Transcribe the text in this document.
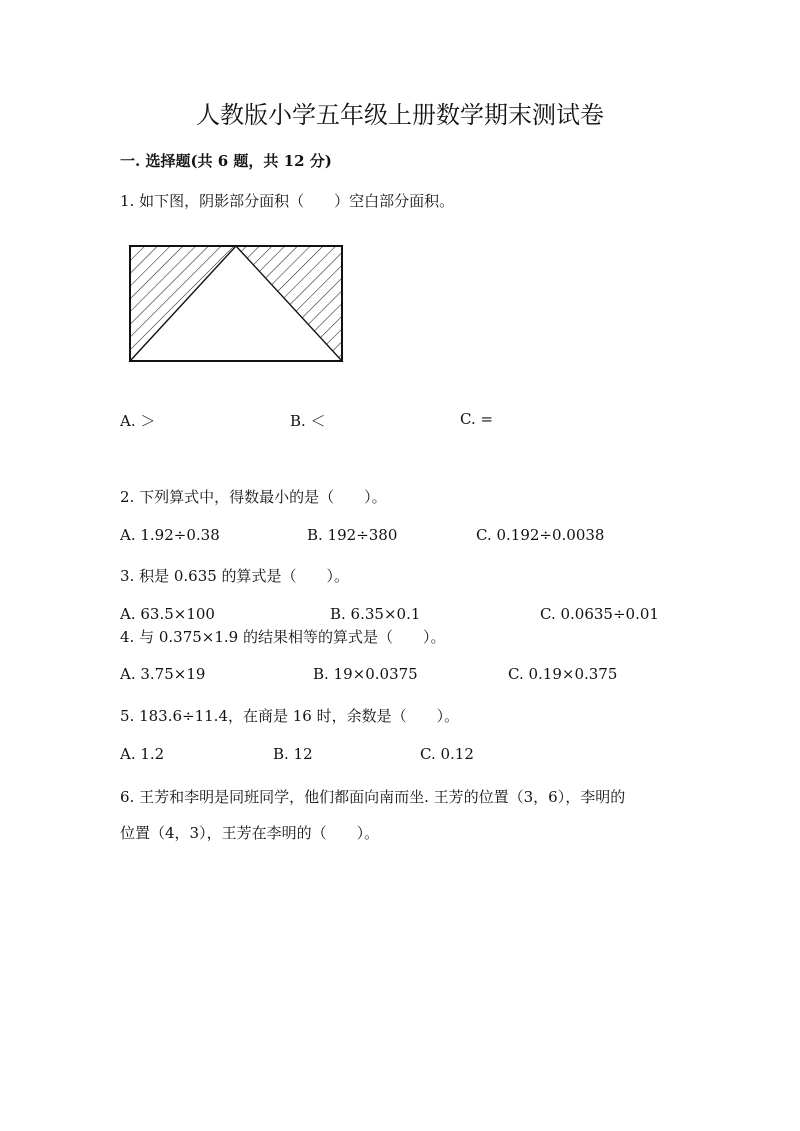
人教版小学五年级上册数学期末测试卷
一. 选择题(共 6 题，共 12 分)
1. 如下图，阴影部分面积（　　）空白部分面积。
A. ＞	B. ＜	C. =
2. 下列算式中，得数最小的是（　　）。
A. 1.92÷0.38	B. 192÷380	C. 0.192÷0.0038
3. 积是 0.635 的算式是（　　）。
A. 63.5×100	B. 6.35×0.1	C. 0.0635÷0.01
4. 与 0.375×1.9 的结果相等的算式是（　　）。
A. 3.75×19	B. 19×0.0375	C. 0.19×0.375
5. 183.6÷11.4，在商是 16 时，余数是（　　）。
A. 1.2	B. 12	C. 0.12
6. 王芳和李明是同班同学，他们都面向南而坐. 王芳的位置（3，6），李明的
位置（4，3），王芳在李明的（　　）。
